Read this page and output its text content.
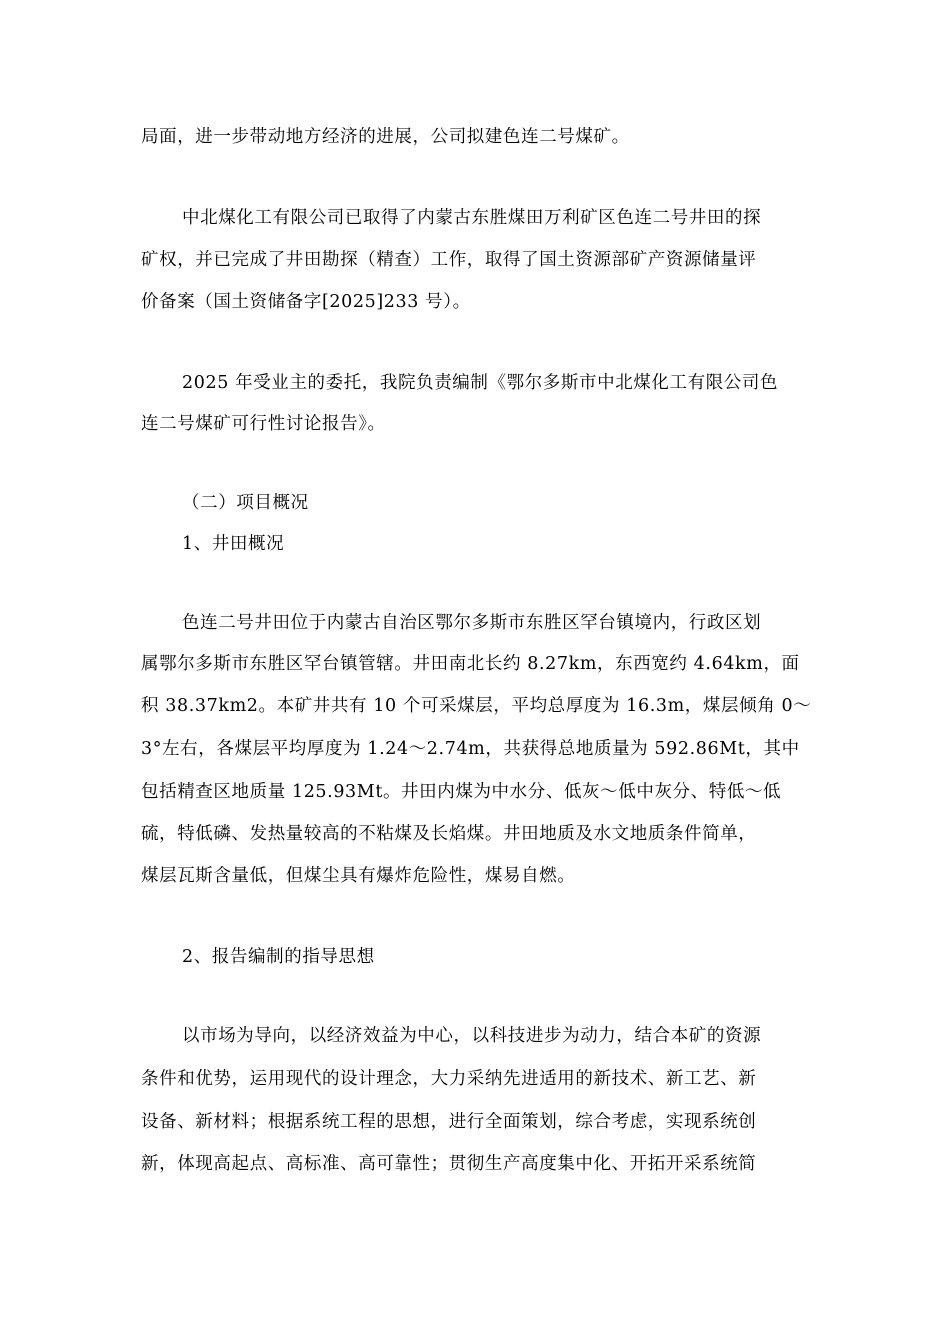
局面，进一步带动地方经济的进展，公司拟建色连二号煤矿。
中北煤化工有限公司已取得了内蒙古东胜煤田万利矿区色连二号井田的探
矿权，并已完成了井田勘探（精查）工作，取得了国土资源部矿产资源储量评
价备案（国土资储备字[2025]233 号）。
2025 年受业主的委托，我院负责编制《鄂尔多斯市中北煤化工有限公司色
连二号煤矿可行性讨论报告》。
（二）项目概况
1、井田概况
色连二号井田位于内蒙古自治区鄂尔多斯市东胜区罕台镇境内，行政区划
属鄂尔多斯市东胜区罕台镇管辖。井田南北长约 8.27km，东西宽约 4.64km，面
积 38.37km2。本矿井共有 10 个可采煤层，平均总厚度为 16.3m，煤层倾角 0～
3°左右，各煤层平均厚度为 1.24～2.74m，共获得总地质量为 592.86Mt，其中
包括精查区地质量 125.93Mt。井田内煤为中水分、低灰～低中灰分、特低～低
硫，特低磷、发热量较高的不粘煤及长焰煤。井田地质及水文地质条件简单，
煤层瓦斯含量低，但煤尘具有爆炸危险性，煤易自燃。
2、报告编制的指导思想
以市场为导向，以经济效益为中心，以科技进步为动力，结合本矿的资源
条件和优势，运用现代的设计理念，大力采纳先进适用的新技术、新工艺、新
设备、新材料；根据系统工程的思想，进行全面策划，综合考虑，实现系统创
新，体现高起点、高标准、高可靠性；贯彻生产高度集中化、开拓开采系统简
